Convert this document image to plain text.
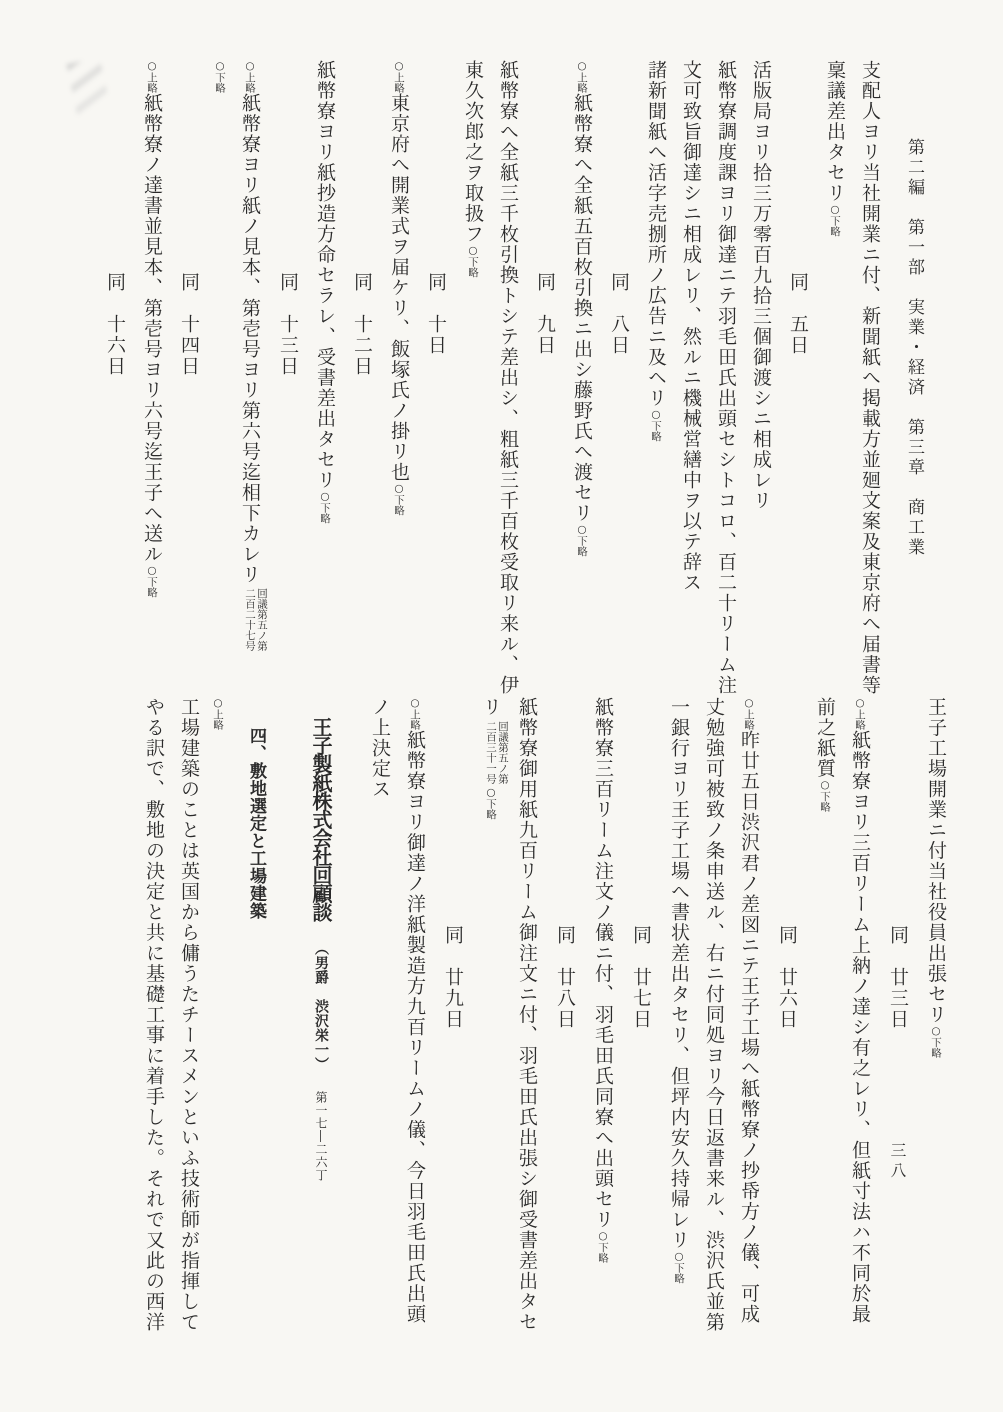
第二編　第一部　実業・経済　第三章　商工業

支配人ヨリ当社開業ニ付、新聞紙へ掲載方並廻文案及東京府へ届書等

稟議差出タセリ○下略

同　五日

活版局ヨリ拾三万零百九拾三個御渡シニ相成レリ

紙幣寮調度課ヨリ御達ニテ羽毛田氏出頭セシトコロ、百二十リーム注

文可致旨御達シニ相成レリ、然ルニ機械営繕中ヲ以テ辞ス

諸新聞紙へ活字売捌所ノ広告ニ及ヘリ○下略

同　八日

○上略紙幣寮へ全紙五百枚引換ニ出シ藤野氏へ渡セリ○下略

同　九日

紙幣寮へ全紙三千枚引換トシテ差出シ、粗紙三千百枚受取リ来ル、伊

東久次郎之ヲ取扱フ○下略

同　十日

○上略東京府へ開業式ヲ届ケリ、飯塚氏ノ掛リ也○下略

同　十二日

紙幣寮ヨリ紙抄造方命セラレ、受書差出タセリ○下略

同　十三日

○上略紙幣寮ヨリ紙ノ見本、第壱号ヨリ第六号迄相下カレリ
回議第五ノ第
二百二十七号

○下略

同　十四日

○上略紙幣寮ノ達書並見本、第壱号ヨリ六号迄王子へ送ル○下略

同　十六日

王子工場開業ニ付当社役員出張セリ○下略

同　廿三日

○上略紙幣寮ヨリ三百リーム上納ノ達シ有之レリ、但紙寸法ハ不同於最

前之紙質○下略

同　廿六日

○上略昨廿五日渋沢君ノ差図ニテ王子工場へ紙幣寮ノ抄帋方ノ儀、可成

丈勉強可被致ノ条申送ル、右ニ付同処ヨリ今日返書来ル、渋沢氏並第

一銀行ヨリ王子工場へ書状差出タセリ、但坪内安久持帰レリ○下略

同　廿七日

紙幣寮三百リーム注文ノ儀ニ付、羽毛田氏同寮へ出頭セリ○下略

同　廿八日

紙幣寮御用紙九百リーム御注文ニ付、羽毛田氏出張シ御受書差出タセ

リ
回議第五ノ第
二百三十一号
○下略

同　廿九日

○上略紙幣寮ヨリ御達ノ洋紙製造方九百リームノ儀、今日羽毛田氏出頭

ノ上決定ス

王子製紙株式会社回顧談（男爵　渋沢栄一）第一七―二六丁

四、敷地選定と工場建築

○上略

工場建築のことは英国から傭うたチースメンといふ技術師が指揮して

やる訳で、敷地の決定と共に基礎工事に着手した。それで又此の西洋	三八
